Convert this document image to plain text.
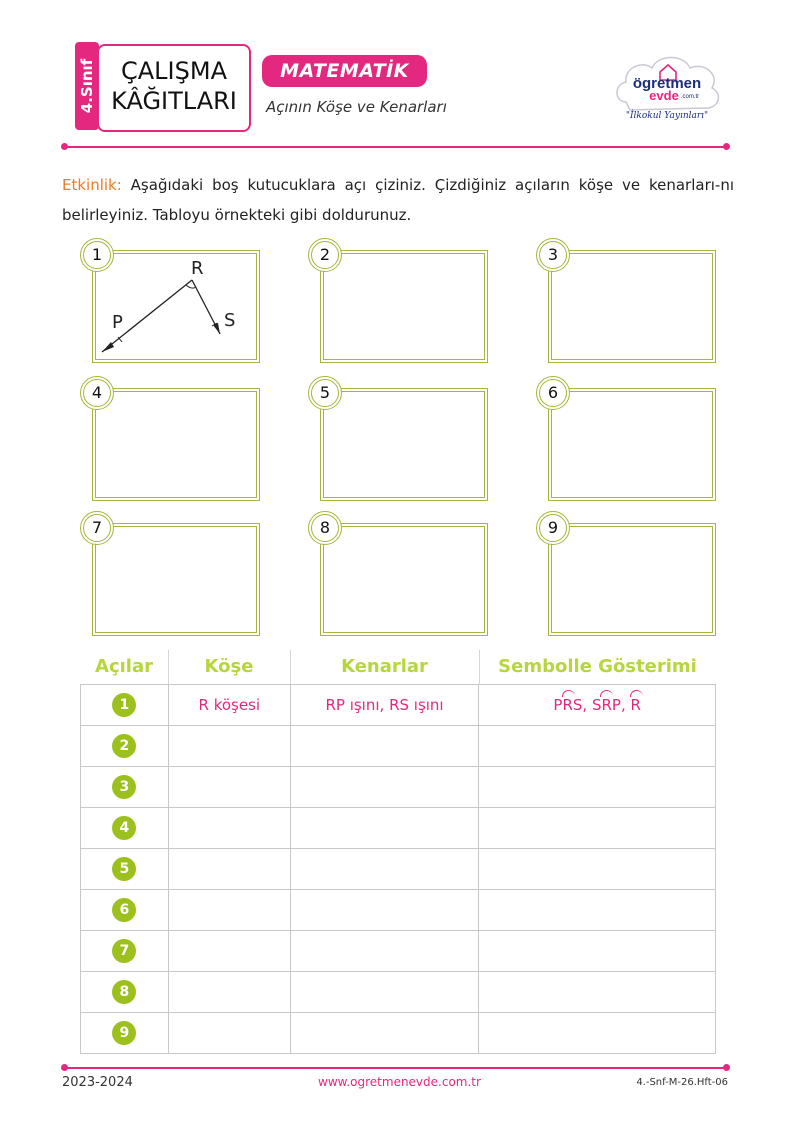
4.Sınıf	ÇALIŞMA
KÂĞITLARI
MATEMATİK
Açının Köşe ve Kenarları
ögretmen
evde .com.tr
"İlkokul Yayınları"
Etkinlik: Aşağıdaki boş kutucuklara açı çiziniz. Çizdiğiniz açıların köşe ve kenarları-nı belirleyiniz. Tabloyu örnekteki gibi doldurunuz.
R
P	S
1	2	3
4	5	6
7	8	9
Açılar	Köşe	Kenarlar	Sembolle Gösterimi
1	R köşesi	RP ışını, RS ışını	PRS, SRP, R
2			
3			
4			
5			
6			
7			
8			
9			
2023-2024	www.ogretmenevde.com.tr	4.-Snf-M-26.Hft-06
